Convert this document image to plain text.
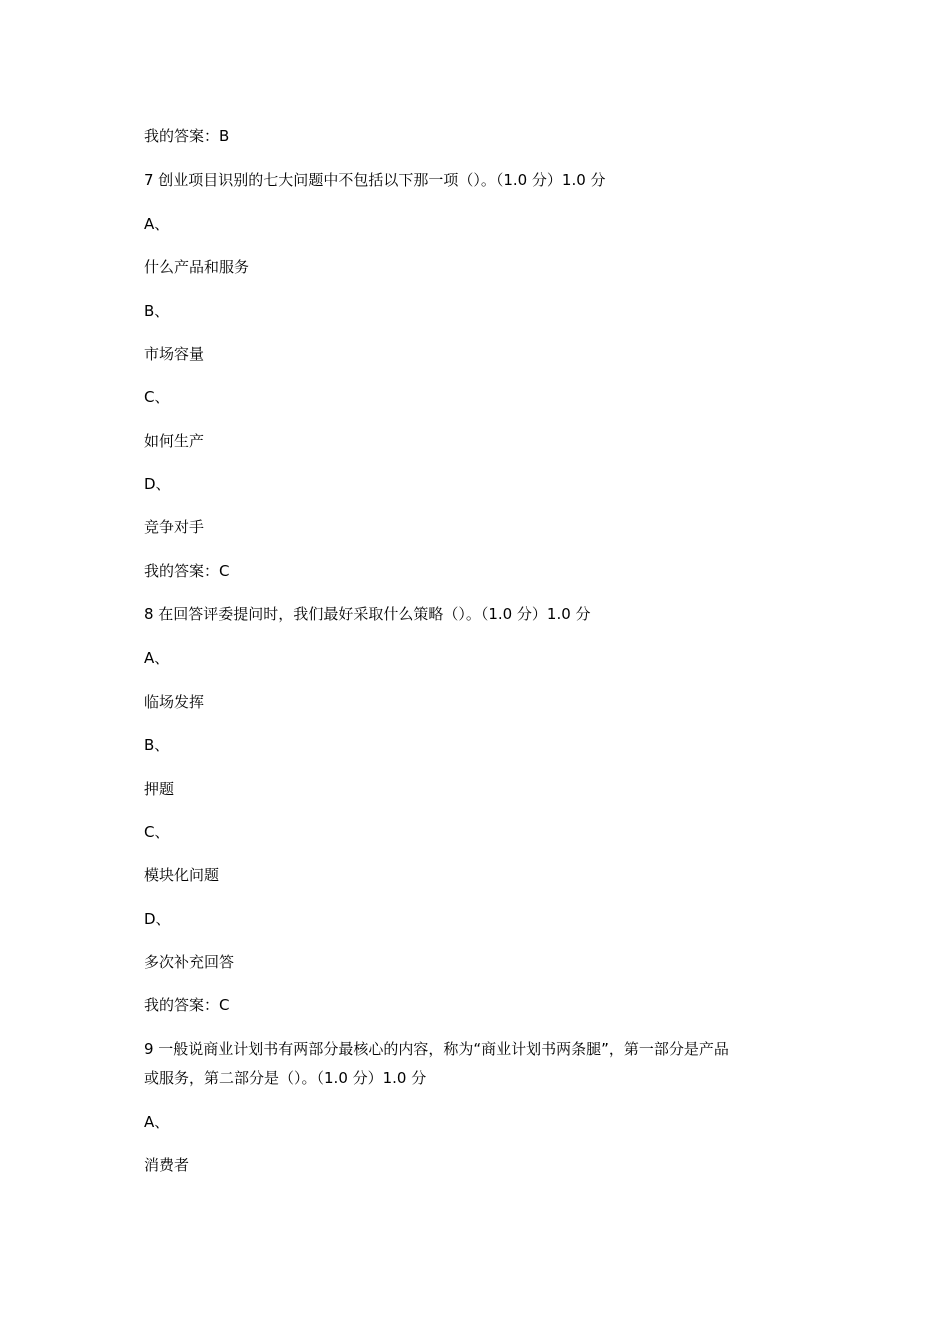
我的答案：B
7 创业项目识别的七大问题中不包括以下那一项（）。（1.0 分）1.0 分
A、
什么产品和服务
B、
市场容量
C、
如何生产
D、
竞争对手
我的答案：C
8 在回答评委提问时，我们最好采取什么策略（）。（1.0 分）1.0 分
A、
临场发挥
B、
押题
C、
模块化问题
D、
多次补充回答
我的答案：C
9 一般说商业计划书有两部分最核心的内容，称为“商业计划书两条腿”，第一部分是产品
或服务，第二部分是（）。（1.0 分）1.0 分
A、
消费者
